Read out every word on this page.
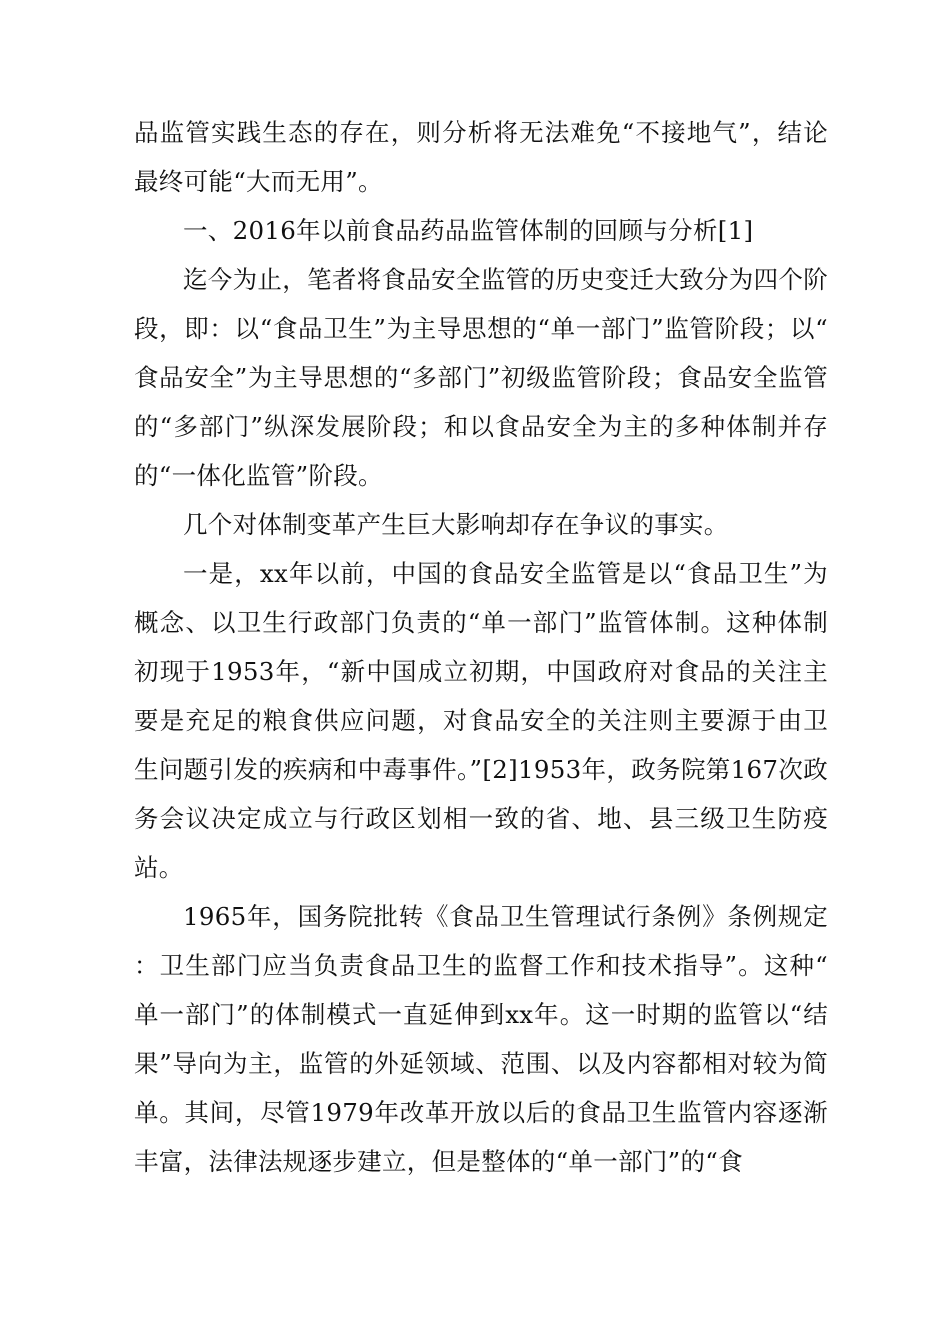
品监管实践生态的存在，则分析将无法难免“不接地气”，结论最终可能“大而无用”。

一、2016年以前食品药品监管体制的回顾与分析[1]

迄今为止，笔者将食品安全监管的历史变迁大致分为四个阶段，即：以“食品卫生”为主导思想的“单一部门”监管阶段；以“食品安全”为主导思想的“多部门”初级监管阶段；食品安全监管的“多部门”纵深发展阶段；和以食品安全为主的多种体制并存的“一体化监管”阶段。

几个对体制变革产生巨大影响却存在争议的事实。

一是，xx年以前，中国的食品安全监管是以“食品卫生”为概念、以卫生行政部门负责的“单一部门”监管体制。这种体制初现于1953年，“新中国成立初期，中国政府对食品的关注主要是充足的粮食供应问题，对食品安全的关注则主要源于由卫生问题引发的疾病和中毒事件。”[2]1953年，政务院第167次政务会议决定成立与行政区划相一致的省、地、县三级卫生防疫站。

1965年，国务院批转《食品卫生管理试行条例》条例规定：卫生部门应当负责食品卫生的监督工作和技术指导”。这种“单一部门”的体制模式一直延伸到xx年。这一时期的监管以“结果”导向为主，监管的外延领域、范围、以及内容都相对较为简单。其间，尽管1979年改革开放以后的食品卫生监管内容逐渐丰富，法律法规逐步建立，但是整体的“单一部门”的“食
